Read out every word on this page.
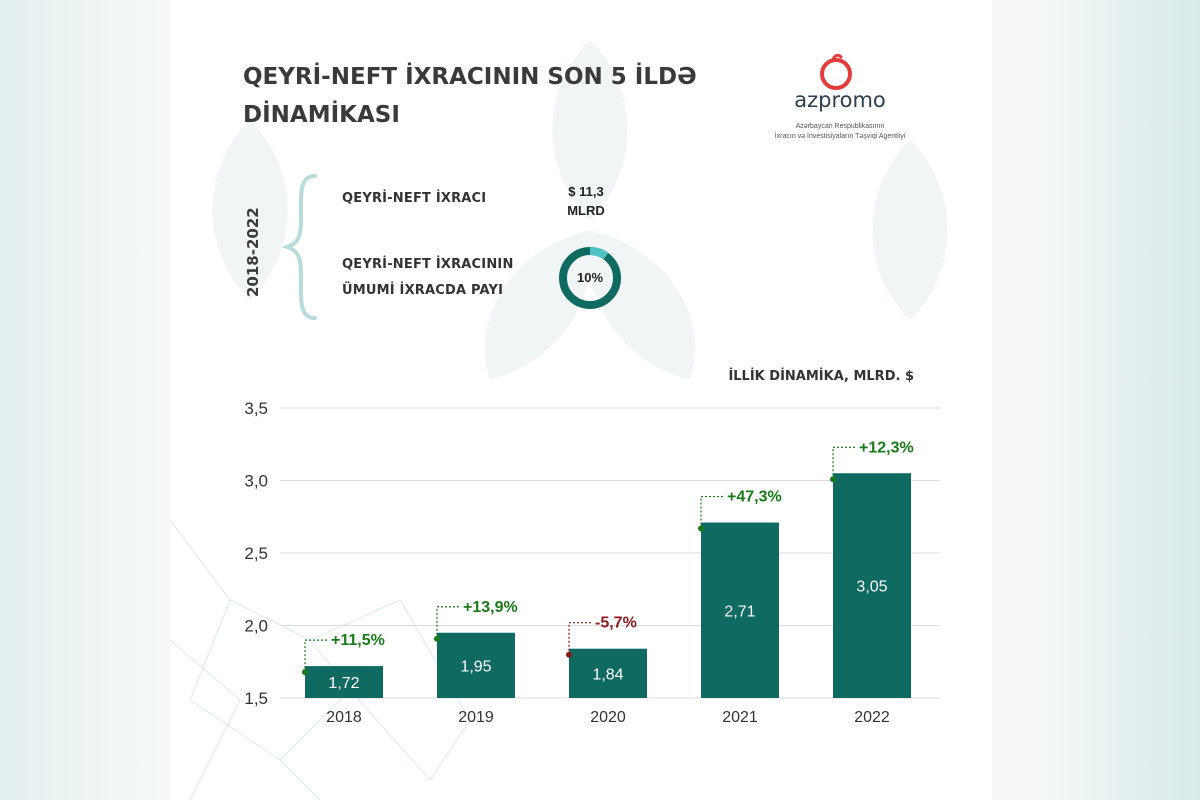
QEYRİ-NEFT İXRACININ SON 5 İLDƏ
DİNAMİKASI
azpromo
Azərbaycan Respublikasının
İxracın və İnvestisiyaların Təşviqi Agentliyi
2018-2022
QEYRİ-NEFT İXRACI	$ 11,3
MLRD
QEYRİ-NEFT İXRACININ
ÜMUMİ İXRACDA PAYI
10%
İLLİK DİNAMİKA, MLRD. $
1,5
2,0
2,5
3,0
3,5
1,72
2018
+11,5%
1,95
2019
+13,9%
1,84
2020
-5,7%
2,71
2021
+47,3%
3,05
2022
+12,3%
